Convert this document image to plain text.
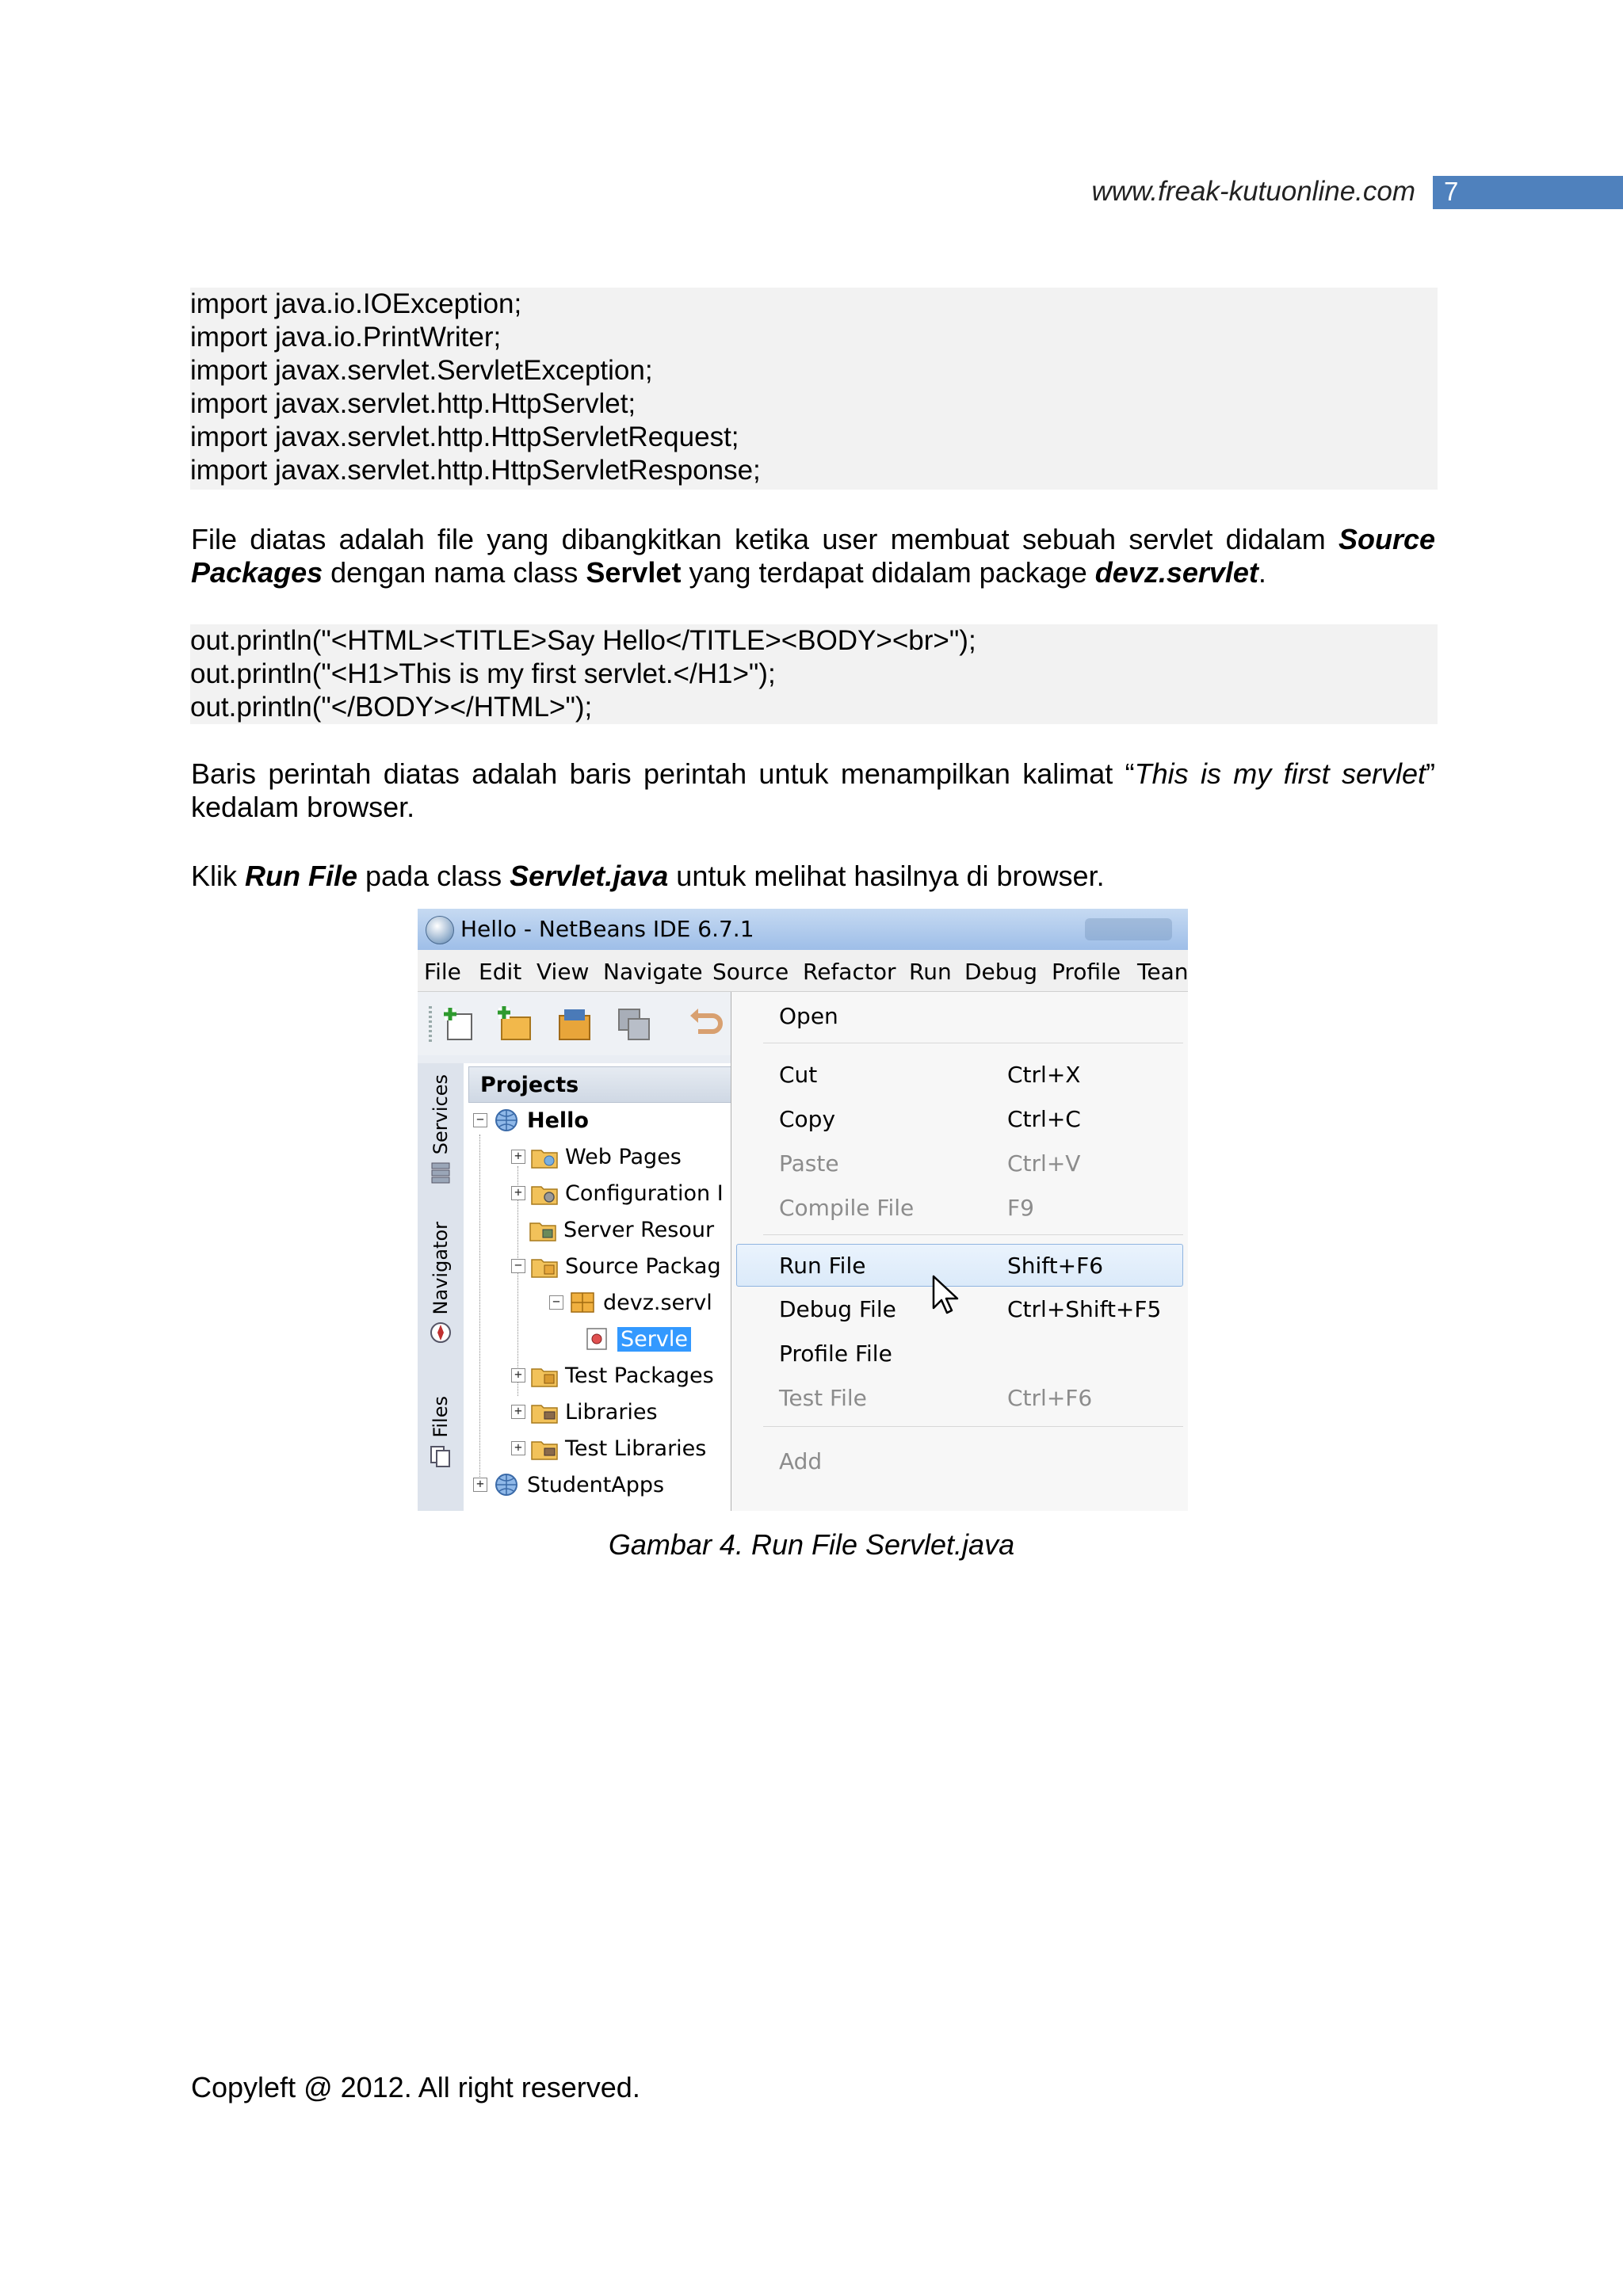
www.freak-kutuonline.com 7
import java.io.IOException;
import java.io.PrintWriter;
import javax.servlet.ServletException;
import javax.servlet.http.HttpServlet;
import javax.servlet.http.HttpServletRequest;
import javax.servlet.http.HttpServletResponse;
File diatas adalah file yang dibangkitkan ketika user membuat sebuah servlet didalam Source Packages dengan nama class Servlet yang terdapat didalam package devz.servlet.
out.println("<HTML><TITLE>Say Hello</TITLE><BODY><br>");
out.println("<H1>This is my first servlet.</H1>");
out.println("</BODY></HTML>");
Baris perintah diatas adalah baris perintah untuk menampilkan kalimat “This is my first servlet” kedalam browser.
Klik Run File pada class Servlet.java untuk melihat hasilnya di browser.
Hello - NetBeans IDE 6.7.1
File Edit View Navigate Source Refactor Run Debug Profile Tean
Services
Navigator
Files
Projects
− Hello
+ Web Pages
+ Configuration I
Server Resour
− Source Packag
− devz.servl
Servle
+ Test Packages
+ Libraries
+ Test Libraries
+ StudentApps
Open
Cut	Ctrl+X
Copy	Ctrl+C
Paste	Ctrl+V
Compile File	F9
Run File	Shift+F6
Debug File	Ctrl+Shift+F5
Profile File
Test File	Ctrl+F6
Add
Gambar 4. Run File Servlet.java
Copyleft @ 2012. All right reserved.
